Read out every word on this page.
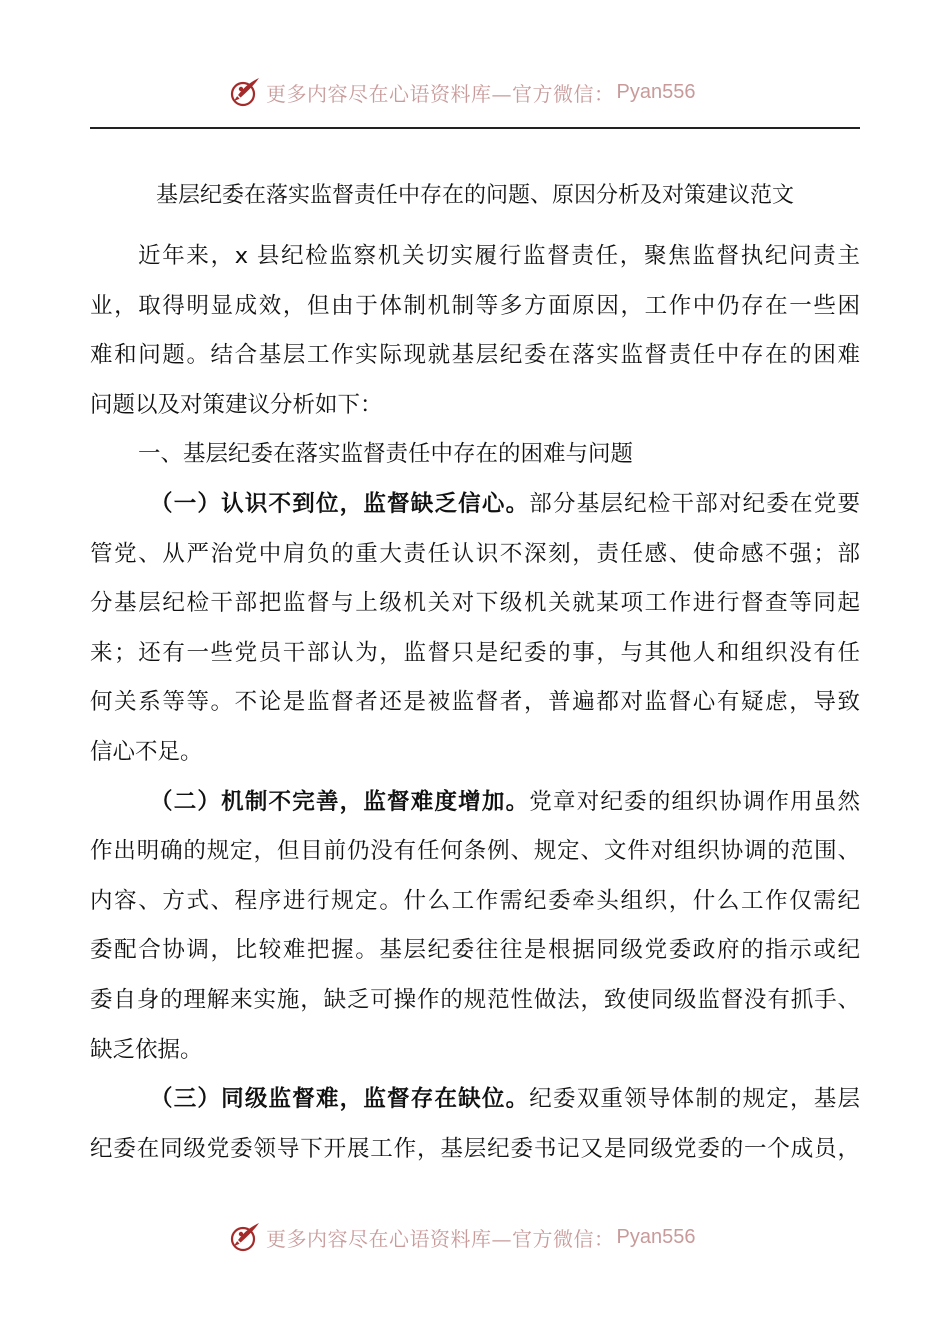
更多内容尽在心语资料库—官方微信： Pyan556
基层纪委在落实监督责任中存在的问题、原因分析及对策建议范文
近年来，x 县纪检监察机关切实履行监督责任，聚焦监督执纪问责主
业，取得明显成效，但由于体制机制等多方面原因，工作中仍存在一些困
难和问题。结合基层工作实际现就基层纪委在落实监督责任中存在的困难
问题以及对策建议分析如下：
一、基层纪委在落实监督责任中存在的困难与问题
（一）认识不到位，监督缺乏信心。部分基层纪检干部对纪委在党要
管党、从严治党中肩负的重大责任认识不深刻，责任感、使命感不强；部
分基层纪检干部把监督与上级机关对下级机关就某项工作进行督查等同起
来；还有一些党员干部认为，监督只是纪委的事，与其他人和组织没有任
何关系等等。不论是监督者还是被监督者，普遍都对监督心有疑虑，导致
信心不足。
（二）机制不完善，监督难度增加。党章对纪委的组织协调作用虽然
作出明确的规定，但目前仍没有任何条例、规定、文件对组织协调的范围、
内容、方式、程序进行规定。什么工作需纪委牵头组织，什么工作仅需纪
委配合协调，比较难把握。基层纪委往往是根据同级党委政府的指示或纪
委自身的理解来实施，缺乏可操作的规范性做法，致使同级监督没有抓手、
缺乏依据。
（三）同级监督难，监督存在缺位。纪委双重领导体制的规定，基层
纪委在同级党委领导下开展工作，基层纪委书记又是同级党委的一个成员，
更多内容尽在心语资料库—官方微信： Pyan556
